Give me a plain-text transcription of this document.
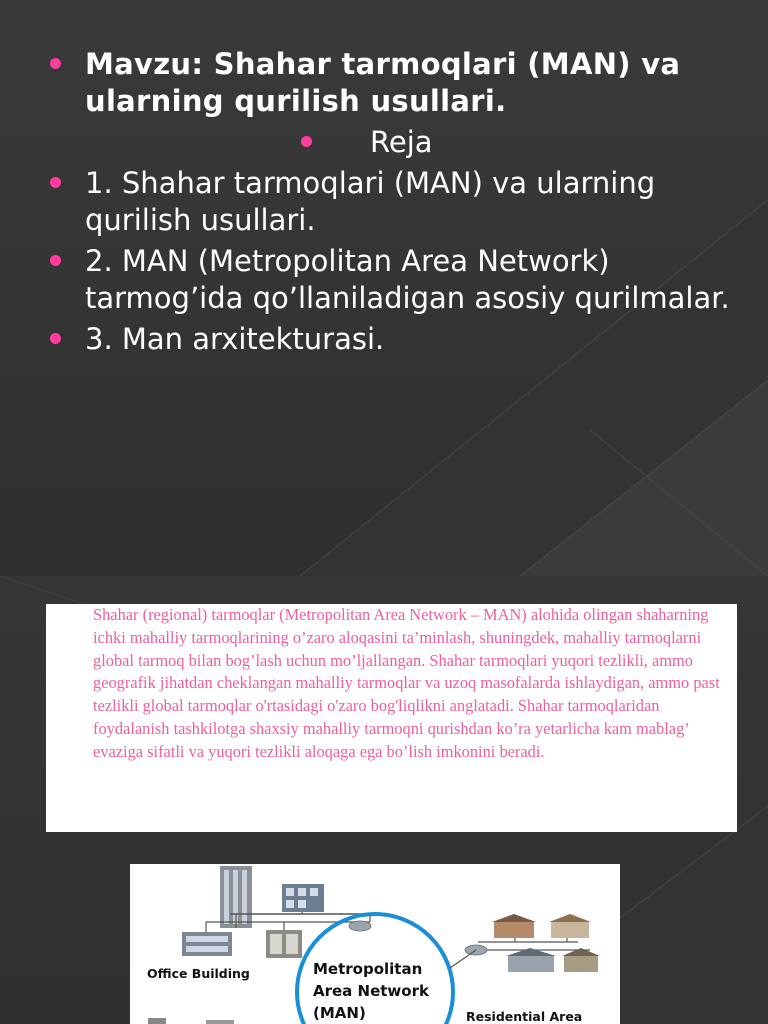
Mavzu: Shahar tarmoqlari (MAN) va ularning qurilish usullari.
Reja
1. Shahar tarmoqlari (MAN) va ularning qurilish usullari.
2. MAN (Metropolitan Area Network) tarmog’ida qo’llaniladigan asosiy qurilmalar.
3. Man arxitekturasi.

Shahar (regional) tarmoqlar (Metropolitan Area Network – MAN) alohida olingan shaharning ichki mahalliy tarmoqlarining o’zaro aloqasini ta’minlash, shuningdek, mahalliy tarmoqlarni global tarmoq bilan bog’lash uchun mo’ljallangan. Shahar tarmoqlari yuqori tezlikli, ammo geografik jihatdan cheklangan mahalliy tarmoqlar va uzoq masofalarda ishlaydigan, ammo past tezlikli global tarmoqlar o'rtasidagi o'zaro bog'liqlikni anglatadi. Shahar tarmoqlaridan foydalanish tashkilotga shaxsiy mahalliy tarmoqni qurishdan ko’ra yetarlicha kam mablag’ evaziga sifatli va yuqori tezlikli aloqaga ega bo’lish imkonini beradi.

Metropolitan
Area Network
(MAN)
Office Building
Residential Area
